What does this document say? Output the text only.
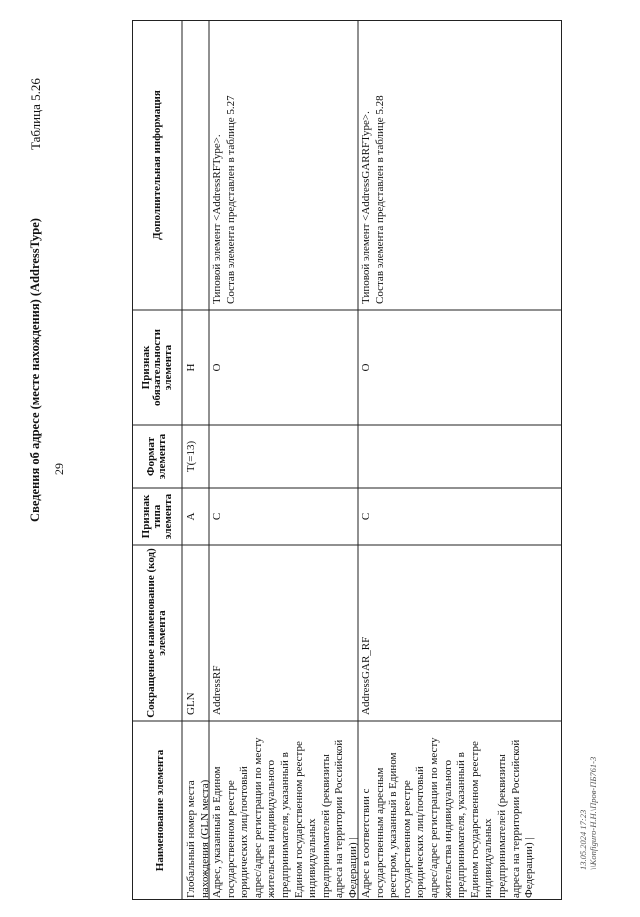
Таблица 5.26
29
Сведения об адресе (месте нахождения) (AddressType)
Наименование элемента
Сокращенное наименование (код) элемента
Признак типа элемента
Формат элемента
Признак обязательности элемента
Дополнительная информация
Глобальный номер места нахождения (GLN места)
GLN
А
T(=13)
Н
Адрес, указанный в Едином государственном реестре юридических лиц/почтовый адрес/адрес регистрации по месту жительства индивидуального предпринимателя, указанный в Едином государственном реестре индивидуальных предпринимателей (реквизиты адреса на территории Российской Федерации) |
AddressRF
С
О
Типовой элемент <AddressRFType>. Состав элемента представлен в таблице 5.27
Адрес в соответствии с государственным адресным реестром, указанный в Едином государственном реестре юридических лиц/почтовый адрес/адрес регистрации по месту жительства индивидуального предпринимателя, указанный в Едином государственном реестре индивидуальных предпринимателей (реквизиты адреса на территории Российской Федерации) |
AddressGAR_RF
С
О
Типовой элемент <AddressGARRFType>. Состав элемента представлен в таблице 5.28
13.05.2024 17:23 \\Konfiguro-Н.Н.\Пров-ПБ761-3
